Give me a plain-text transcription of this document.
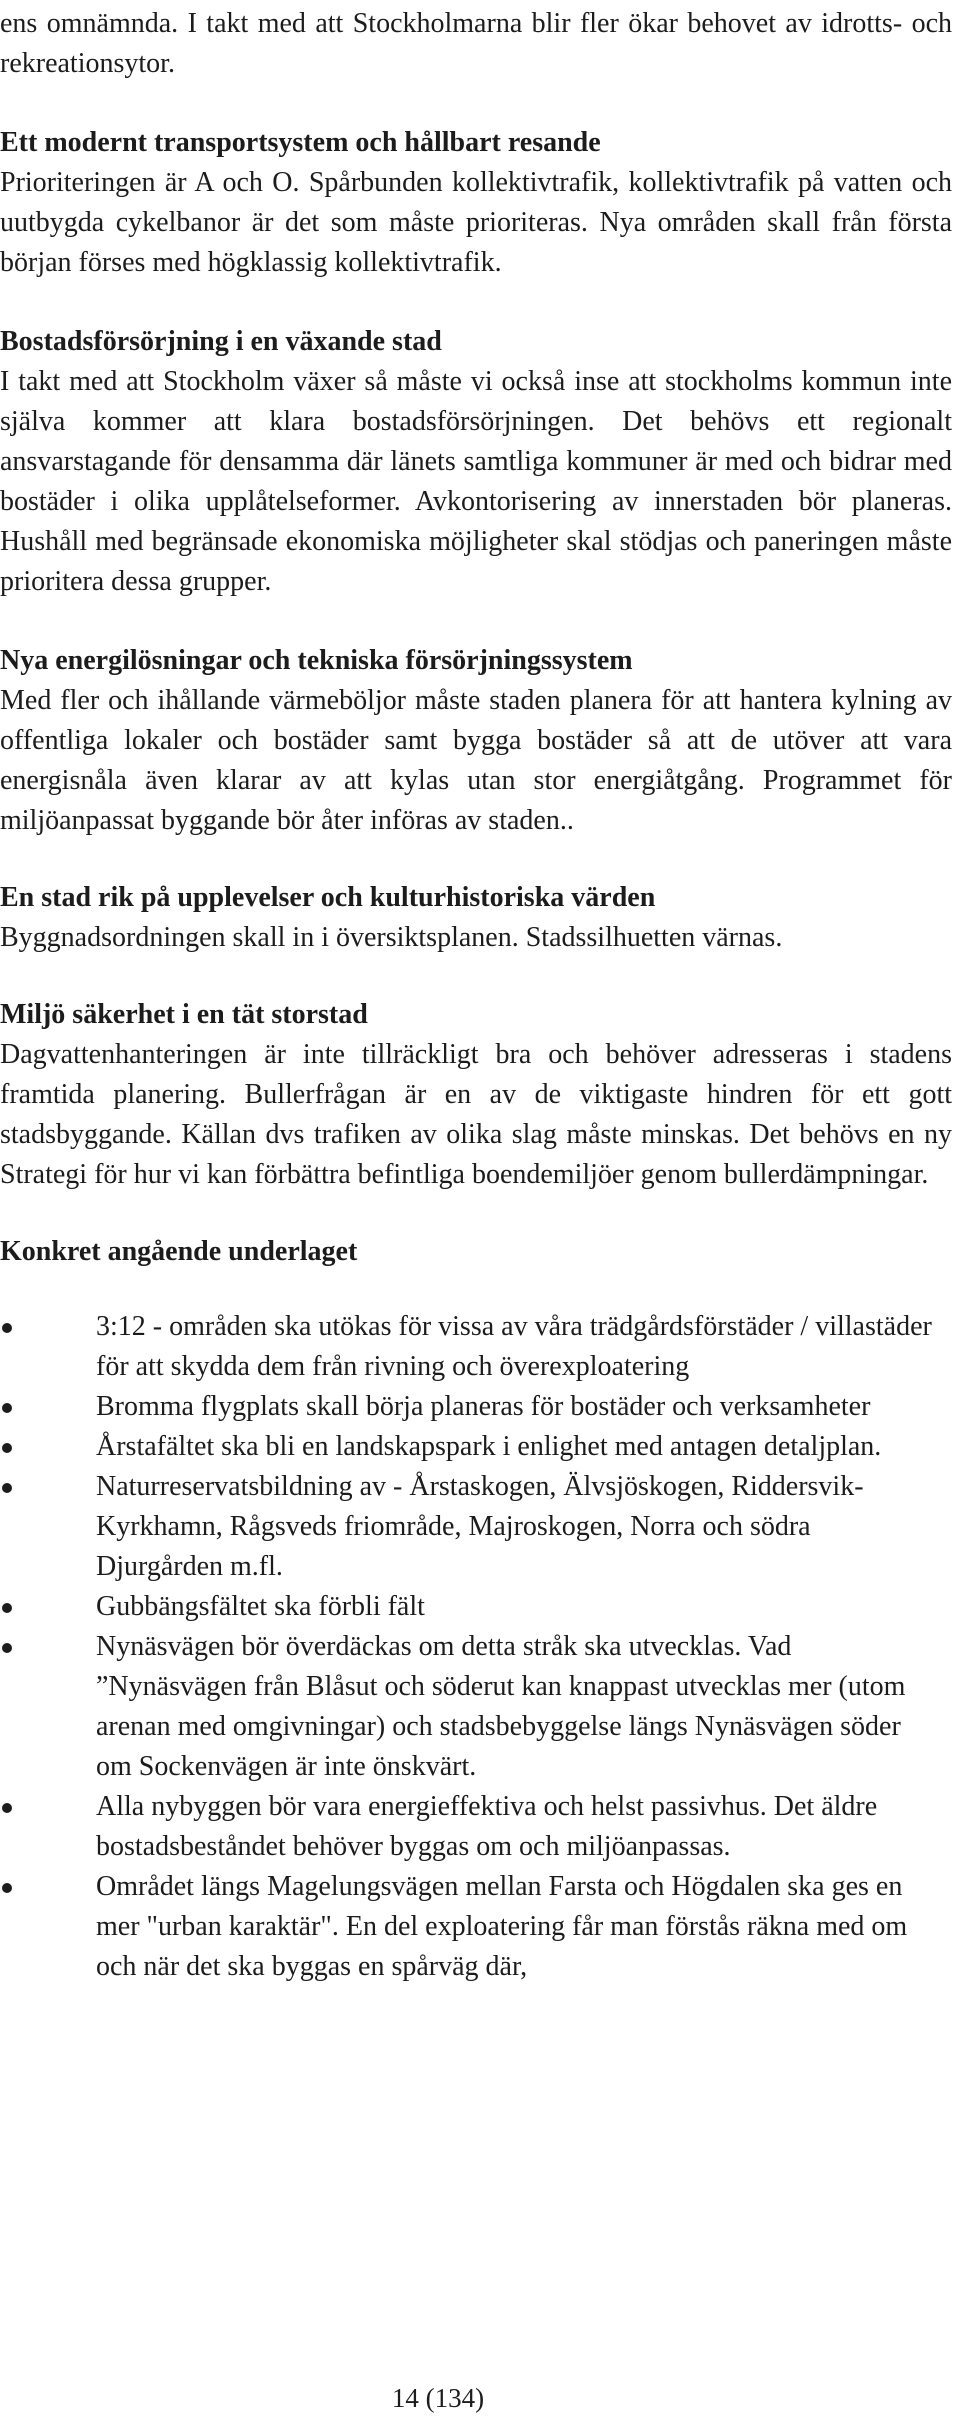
ens omnämnda. I takt med att Stockholmarna blir fler ökar behovet av idrotts- och rekreationsytor.

Ett modernt transportsystem och hållbart resande

Prioriteringen är A och O. Spårbunden kollektivtrafik, kollektivtrafik på vatten och uutbygda cykelbanor är det som måste prioriteras. Nya områden skall från första början förses med högklassig kollektivtrafik.

Bostadsförsörjning i en växande stad

I takt med att Stockholm växer så måste vi också inse att stockholms kommun inte själva kommer att klara bostadsförsörjningen. Det behövs ett regionalt ansvarstagande för densamma där länets samtliga kommuner är med och bidrar med bostäder i olika upplåtelseformer. Avkontorisering av innerstaden bör planeras. Hushåll med begränsade ekonomiska möjligheter skal stödjas och paneringen måste prioritera dessa grupper.

Nya energilösningar och tekniska försörjningssystem

Med fler och ihållande värmeböljor måste staden planera för att hantera kylning av offentliga lokaler och bostäder samt bygga bostäder så att de utöver att vara energisnåla även klarar av att kylas utan stor energiåtgång. Programmet för miljöanpassat byggande bör åter införas av staden..

En stad rik på upplevelser och kulturhistoriska värden

Byggnadsordningen skall in i översiktsplanen. Stadssilhuetten värnas.

Miljö säkerhet i en tät storstad

Dagvattenhanteringen är inte tillräckligt bra och behöver adresseras i stadens framtida planering. Bullerfrågan är en av de viktigaste hindren för ett gott stadsbyggande. Källan dvs trafiken av olika slag måste minskas. Det behövs en ny Strategi för hur vi kan förbättra befintliga boendemiljöer genom bullerdämpningar.

Konkret angående underlaget

3:12 - områden ska utökas för vissa av våra trädgårdsförstäder / villastäder för att skydda dem från rivning och överexploatering
Bromma flygplats skall börja planeras för bostäder och verksamheter
Årstafältet ska bli en landskapspark i enlighet med antagen detaljplan.
Naturreservatsbildning av - Årstaskogen, Älvsjöskogen, Riddersvik-Kyrkhamn, Rågsveds friområde, Majroskogen, Norra och södra Djurgården m.fl.
Gubbängsfältet ska förbli fält
Nynäsvägen bör överdäckas om detta stråk ska utvecklas. Vad ”Nynäsvägen från Blåsut och söderut kan knappast utvecklas mer (utom arenan med omgivningar) och stadsbebyggelse längs Nynäsvägen söder om Sockenvägen är inte önskvärt.
Alla nybyggen bör vara energieffektiva och helst passivhus. Det äldre bostadsbeståndet behöver byggas om och miljöanpassas.
Området längs Magelungsvägen mellan Farsta och Högdalen ska ges en mer "urban karaktär". En del exploatering får man förstås räkna med om och när det ska byggas en spårväg där,
14 (134)
